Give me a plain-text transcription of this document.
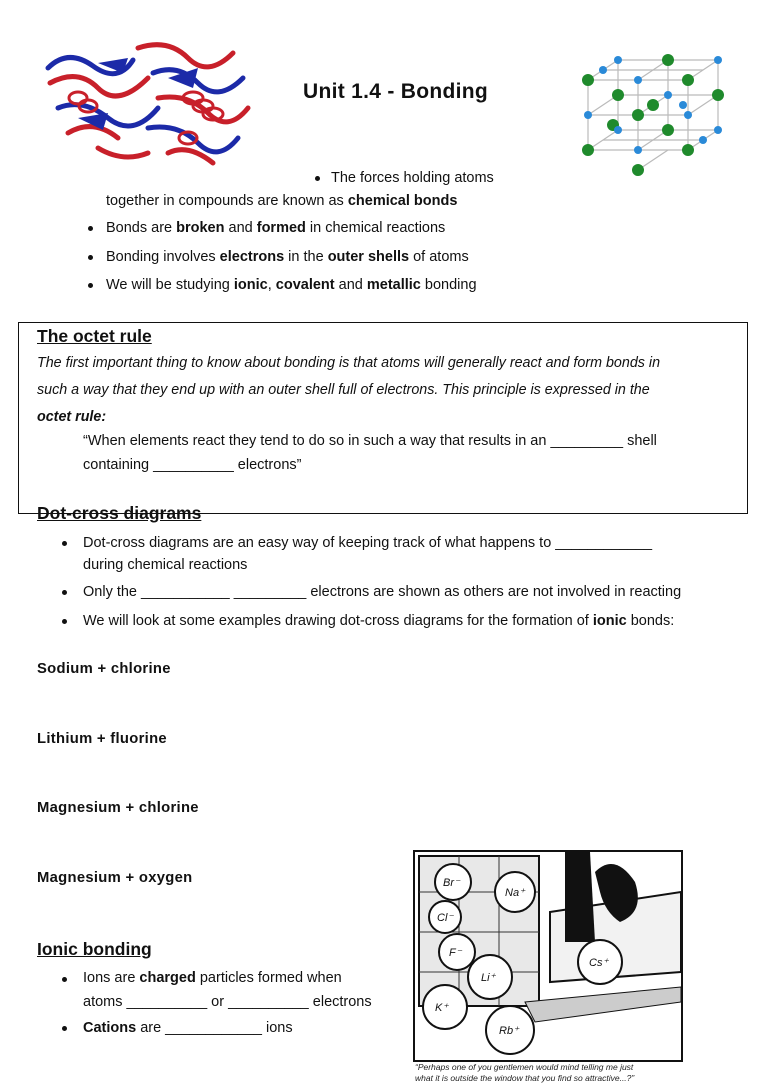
Unit 1.4 - Bonding
The forces holding atoms
together in compounds are known as chemical bonds
Bonds are broken and formed in chemical reactions
Bonding involves electrons in the outer shells of atoms
We will be studying ionic, covalent and metallic bonding
The octet rule
The first important thing to know about bonding is that atoms will generally react and form bonds in
such a way that they end up with an outer shell full of electrons. This principle is expressed in the
octet rule:
“When elements react they tend to do so in such a way that results in an _________ shell
containing __________ electrons”
Dot-cross diagrams
Dot-cross diagrams are an easy way of keeping track of what happens to ____________
during chemical reactions
Only the ___________ _________ electrons are shown as others are not involved in reacting
We will look at some examples drawing dot-cross diagrams for the formation of ionic bonds:
Sodium + chlorine
Lithium + fluorine
Magnesium + chlorine
Magnesium + oxygen
Ionic bonding
Ions are charged particles formed when
atoms __________ or __________ electrons
Cations are ____________ ions
Br⁻
Na⁺
Cl⁻
F⁻
Cs⁺
Li⁺
K⁺
Rb⁺
“Perhaps one of you gentlemen would mind telling me just
what it is outside the window that you find so attractive...?”
